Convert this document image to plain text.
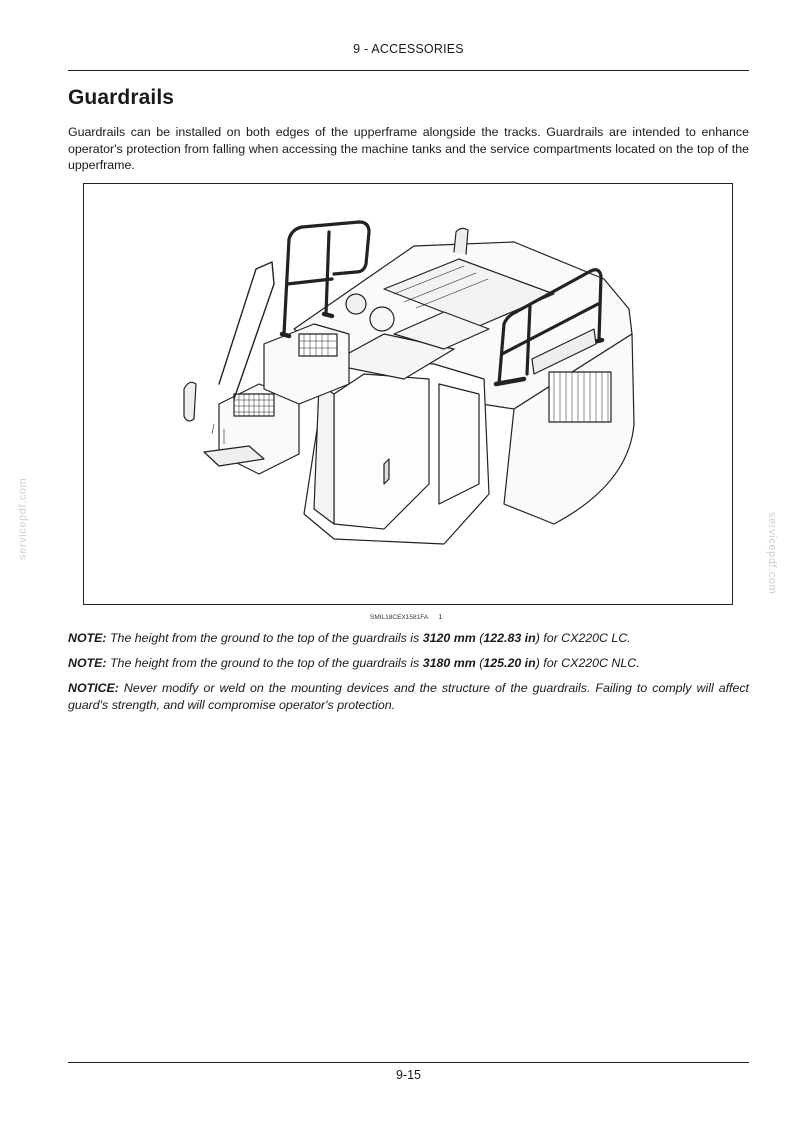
9 - ACCESSORIES
Guardrails

Guardrails can be installed on both edges of the upperframe alongside the tracks. Guardrails are intended to enhance operator's protection from falling when accessing the machine tanks and the service compartments located on the top of the upperframe.

SMIL18CEX1581FA 1

NOTE: The height from the ground to the top of the guardrails is 3120 mm (122.83 in) for CX220C LC.

NOTE: The height from the ground to the top of the guardrails is 3180 mm (125.20 in) for CX220C NLC.

NOTICE: Never modify or weld on the mounting devices and the structure of the guardrails. Failing to comply will affect guard's strength, and will compromise operator's protection.

9-15
servicepdf.com	servicepdf.com
